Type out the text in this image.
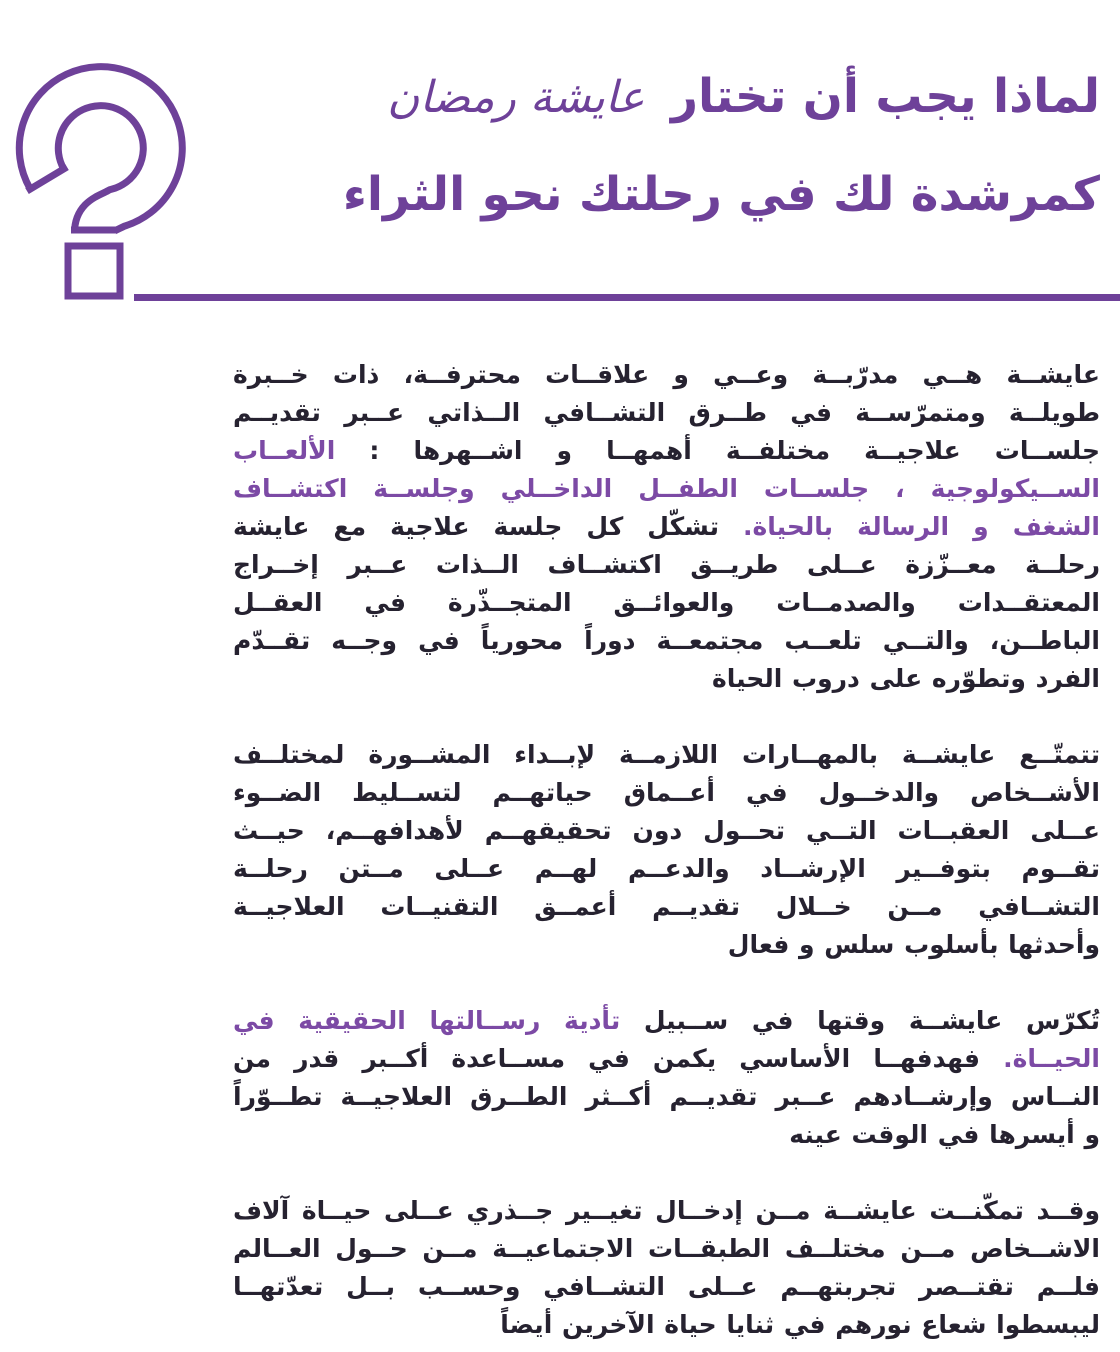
لماذا يجب أن تختار عايشة رمضان
كمرشدة لك في رحلتك نحو الثراء
عايشــة هــي مدرّبــة وعــي و علاقــات محترفــة، ذات خــبرة
طويلــة ومتمرّســة في طــرق التشــافي الــذاتي عــبر تقديــم
جلســات علاجيــة مختلفــة أهمهــا و اشــهرها : الألعــاب
الســيكولوجية ، جلســات الطفــل الداخــلي وجلســة اكتشــاف
الشغف و الرسالة بالحياة. تشكّل كل جلسة علاجية مع عايشة
رحلــة معــزّزة عــلى طريــق اكتشــاف الــذات عــبر إخــراج
المعتقــدات والصدمــات والعوائــق المتجــذّرة في العقــل
الباطــن، والتــي تلعــب مجتمعــة دوراً محورياً في وجــه تقــدّم
الفرد وتطوّره على دروب الحياة
تتمتّــع عايشــة بالمهــارات اللازمــة لإبــداء المشــورة لمختلــف
الأشــخاص والدخــول في أعــماق حياتهــم لتســليط الضــوء
عــلى العقبــات التــي تحــول دون تحقيقهــم لأهدافهــم، حيــث
تقــوم بتوفــير الإرشــاد والدعــم لهــم عــلى مــتن رحلــة
التشــافي مــن خــلال تقديــم أعمــق التقنيــات العلاجيــة
وأحدثها بأسلوب سلس و فعال
تُكرّس عايشــة وقتها في ســبيل تأدية رســالتها الحقيقية في
الحيــاة. فهدفهــا الأساسي يكمن في مســاعدة أكــبر قدر من
النــاس وإرشــادهم عــبر تقديــم أكــثر الطــرق العلاجيــة تطــوّراً
و أيسرها في الوقت عينه
وقــد تمكّنــت عايشــة مــن إدخــال تغيــير جــذري عــلى حيــاة آلاف
الاشــخاص مــن مختلــف الطبقــات الاجتماعيــة مــن حــول العــالم
فلــم تقتــصر تجربتهــم عــلى التشــافي وحســب بــل تعدّتهــا
ليبسطوا شعاع نورهم في ثنايا حياة الآخرين أيضاً
